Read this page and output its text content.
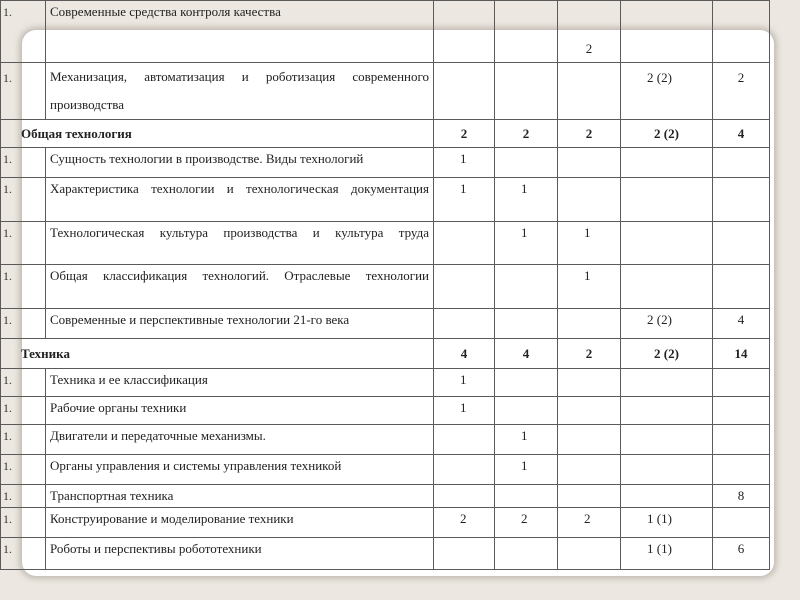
1.	Современные средства контроля качества			2		
1.	Механизация, автоматизация и роботизация современного производства				2 (2)	2
Общая технология		2	2	2	2 (2)	4
1.	Сущность технологии в производстве. Виды технологий	1				
1.	Характеристика технологии и технологическая документация	1	1			
1.	Технологическая культура производства и культура труда		1	1		
1.	Общая классификация технологий. Отраслевые технологии			1		
1.	Современные и перспективные технологии 21-го века				2 (2)	4
Техника		4	4	2	2 (2)	14
1.	Техника и ее классификация	1				
1.	Рабочие органы техники	1				
1.	Двигатели и передаточные механизмы.		1			
1.	Органы управления и системы управления техникой		1			
1.	Транспортная техника					8
1.	Конструирование и моделирование техники	2	2	2	1 (1)	
1.	Роботы и перспективы робототехники				1 (1)	6
